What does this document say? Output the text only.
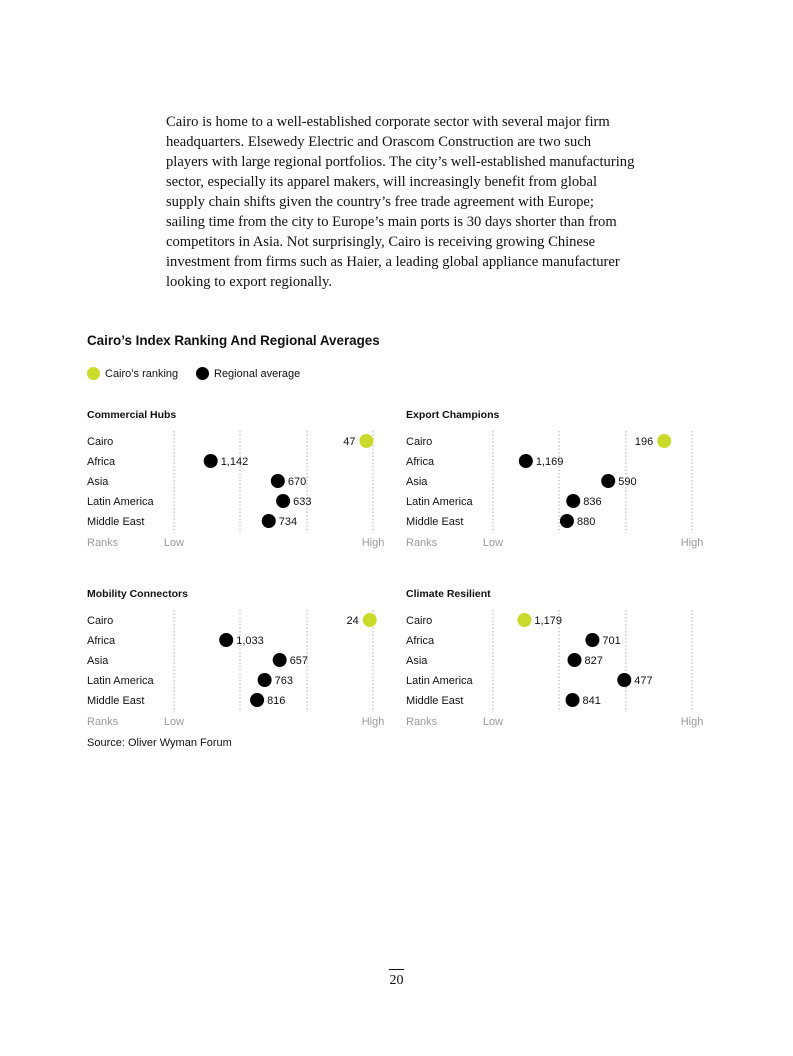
Cairo is home to a well-established corporate sector with several major firm headquarters. Elsewedy Electric and Orascom Construction are two such players with large regional portfolios. The city’s well-established manufacturing sector, especially its apparel makers, will increasingly benefit from global supply chain shifts given the country’s free trade agreement with Europe; sailing time from the city to Europe’s main ports is 30 days shorter than from competitors in Asia. Not surprisingly, Cairo is receiving growing Chinese investment from firms such as Haier, a leading global appliance manufacturer looking to export regionally.
Cairo’s Index Ranking And Regional Averages
Cairo’s ranking	Regional average
Commercial Hubs
Cairo	47
Africa	1,142
Asia	670
Latin America	633
Middle East	734
Ranks	Low	High
Export Champions
Cairo	196
Africa	1,169
Asia	590
Latin America	836
Middle East	880
Ranks	Low	High
Mobility Connectors
Cairo	24
Africa	1,033
Asia	657
Latin America	763
Middle East	816
Ranks	Low	High
Climate Resilient
Cairo	1,179
Africa	701
Asia	827
Latin America	477
Middle East	841
Ranks	Low	High
Source: Oliver Wyman Forum
20
